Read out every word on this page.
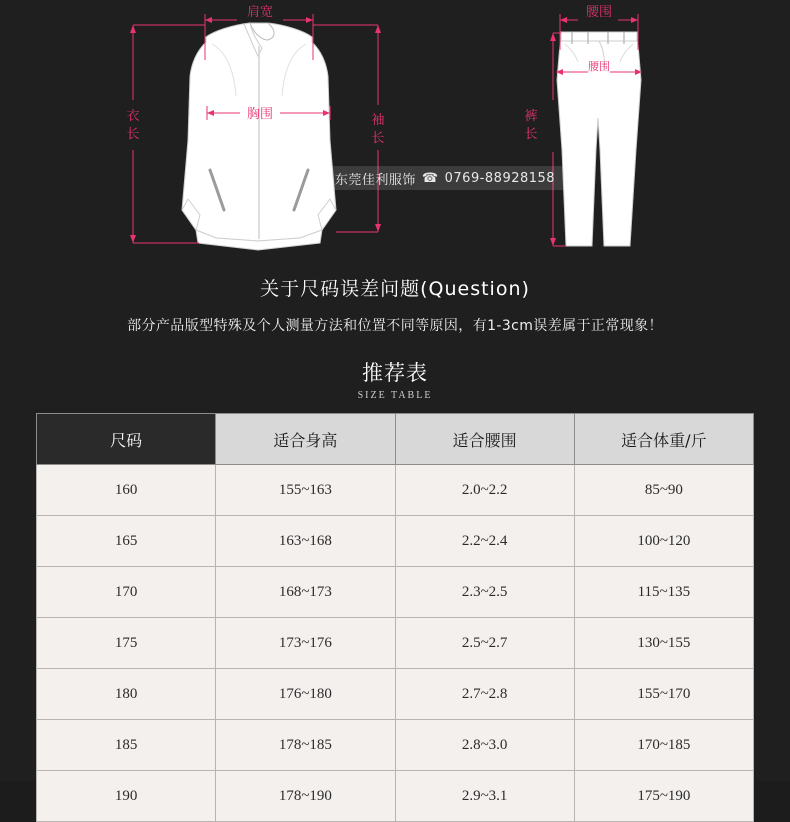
肩宽
胸围
衣
长
袖
长
腰围
腰围
裤
长
东莞佳利服饰 ☎ 0769-88928158
关于尺码误差问题(Question)
部分产品版型特殊及个人测量方法和位置不同等原因，有1-3cm误差属于正常现象！
推荐表
SIZE TABLE
尺码	适合身高	适合腰围	适合体重/斤
160	155~163	2.0~2.2	85~90
165	163~168	2.2~2.4	100~120
170	168~173	2.3~2.5	115~135
175	173~176	2.5~2.7	130~155
180	176~180	2.7~2.8	155~170
185	178~185	2.8~3.0	170~185
190	178~190	2.9~3.1	175~190
